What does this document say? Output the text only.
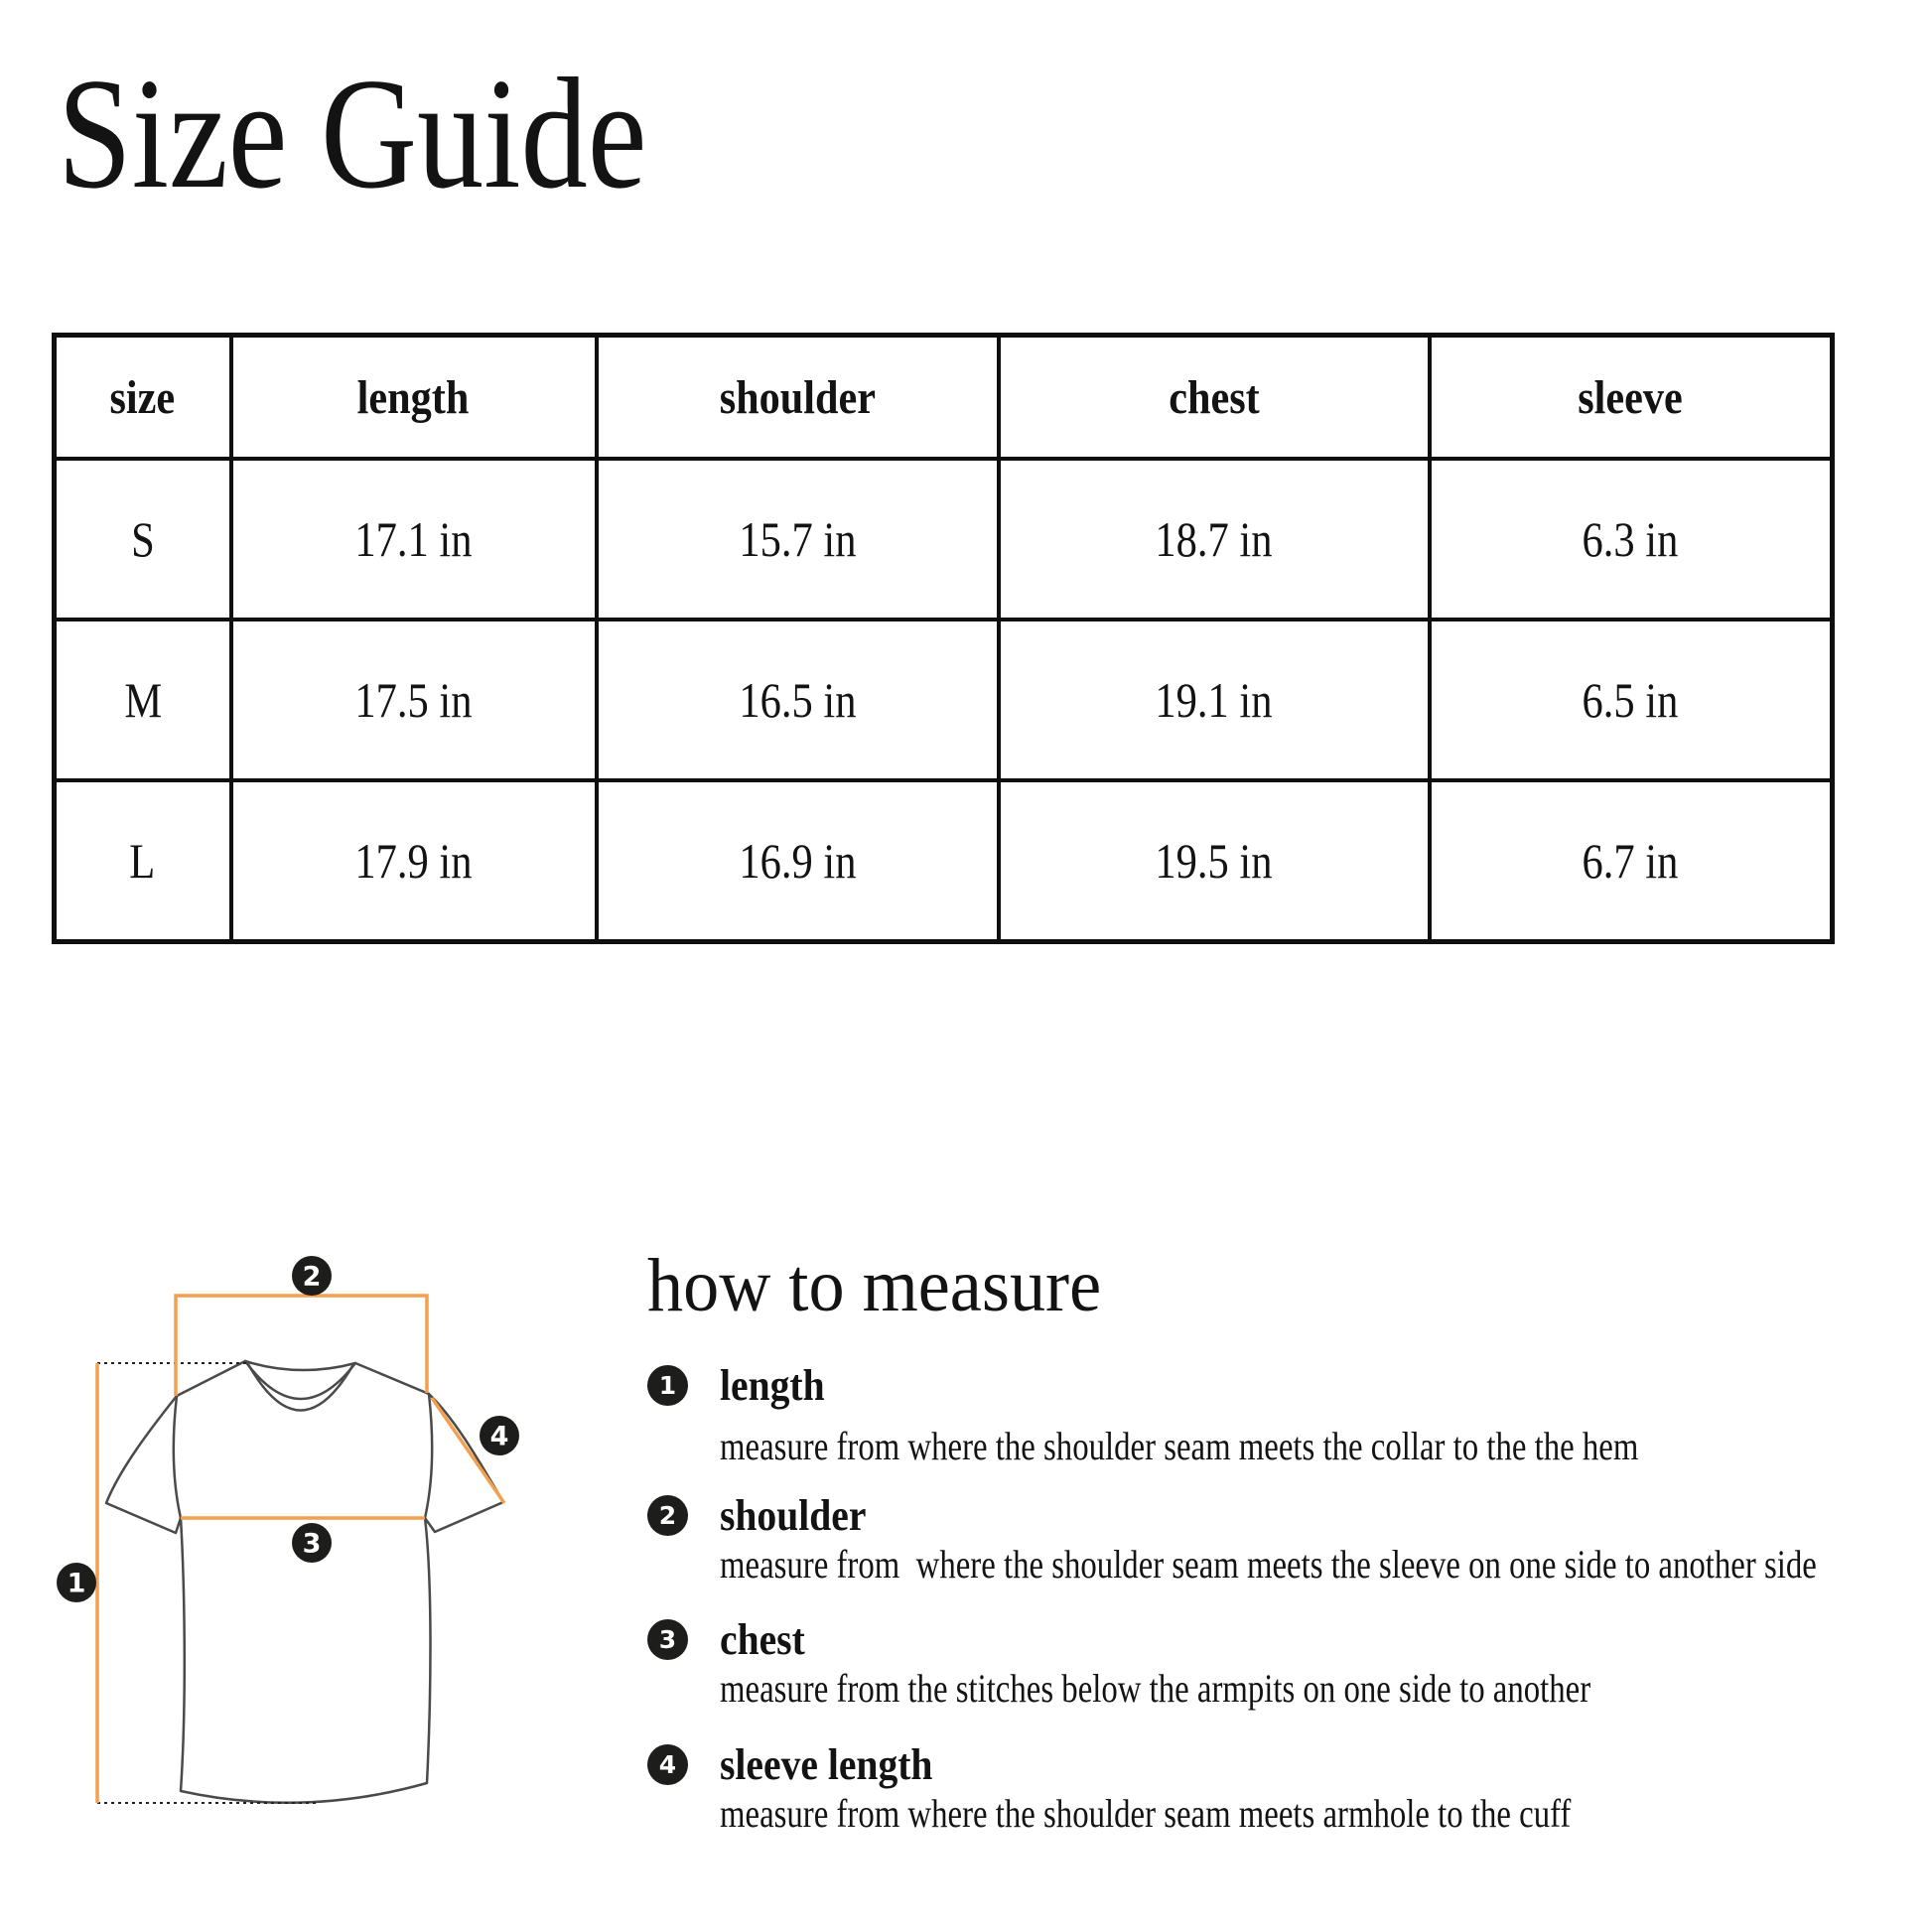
Size Guide
size	length	shoulder	chest	sleeve
S	17.1 in	15.7 in	18.7 in	6.3 in
M	17.5 in	16.5 in	19.1 in	6.5 in
L	17.9 in	16.9 in	19.5 in	6.7 in
2
1
3
4
how to measure
1 length
measure from where the shoulder seam meets the collar to the the hem
2 shoulder
measure from  where the shoulder seam meets the sleeve on one side to another side
3 chest
measure from the stitches below the armpits on one side to another
4 sleeve length
measure from where the shoulder seam meets armhole to the cuff
